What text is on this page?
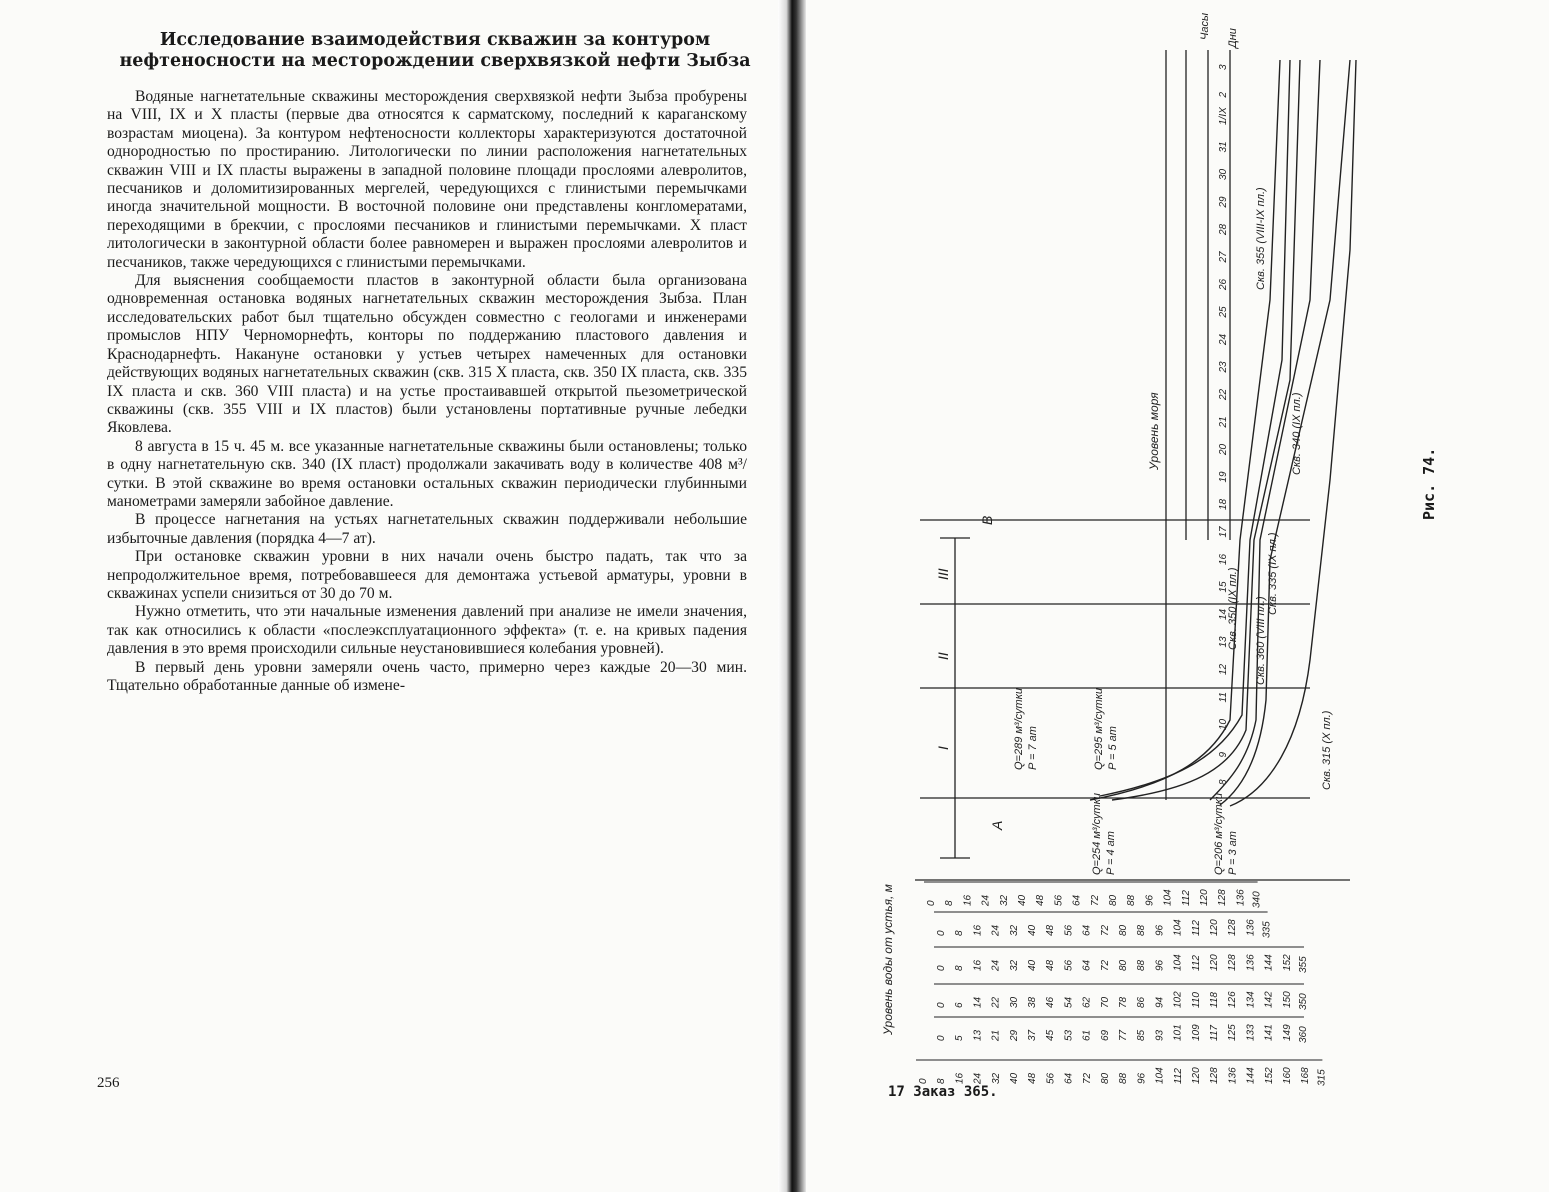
Исследование взаимодействия скважин за контуром
нефтеносности на месторождении сверхвязкой нефти Зыбза

Водяные нагнетательные скважины месторождения сверхвязкой нефти Зыбза пробурены на VIII, IX и X пласты (первые два относятся к сарматскому, последний к караганскому возрастам миоцена). За контуром нефтеносности коллекторы характеризуются достаточной однородностью по простиранию. Литологически по линии расположения нагнетательных скважин VIII и IX пласты выражены в западной половине площади прослоями алевролитов, песчаников и доломитизированных мергелей, чередующихся с глинистыми перемычками иногда значительной мощности. В восточной половине они представлены конгломератами, переходящими в брекчии, с прослоями песчаников и глинистыми перемычками. X пласт литологически в законтурной области более равномерен и выражен прослоями алевролитов и песчаников, также чередующихся с глинистыми перемычками.

Для выяснения сообщаемости пластов в законтурной области была организована одновременная остановка водяных нагнетательных скважин месторождения Зыбза. План исследовательских работ был тщательно обсужден совместно с геологами и инженерами промыслов НПУ Черноморнефть, конторы по поддержанию пластового давления и Краснодарнефть. Накануне остановки у устьев четырех намеченных для остановки действующих водяных нагнетательных скважин (скв. 315 X пласта, скв. 350 IX пласта, скв. 335 IX пласта и скв. 360 VIII пласта) и на устье простаивавшей открытой пьезометрической скважины (скв. 355 VIII и IX пластов) были установлены портативные ручные лебедки Яковлева.

8 августа в 15 ч. 45 м. все указанные нагнетательные скважины были остановлены; только в одну нагнетательную скв. 340 (IX пласт) продолжали закачивать воду в количестве 408 м³/сутки. В этой скважине во время остановки остальных скважин периодически глубинными манометрами замеряли забойное давление.

В процессе нагнетания на устьях нагнетательных скважин поддерживали небольшие избыточные давления (порядка 4—7 ат).

При остановке скважин уровни в них начали очень быстро падать, так что за непродолжительное время, потребовавшееся для демонтажа устьевой арматуры, уровни в скважинах успели снизиться от 30 до 70 м.

Нужно отметить, что эти начальные изменения давлений при анализе не имели значения, так как относились к области «послеэксплуатационного эффекта» (т. е. на кривых падения давления в это время происходили сильные неустановившиеся колебания уровней).

В первый день уровни замеряли очень часто, примерно через каждые 20—30 мин. Тщательно обработанные данные об измене-

256
0 8 16 24 32 40 48 56 64 72 80 88 96 104 112 120 128 136 340
0 8 16 24 32 40 48 56 64 72 80 88 96 104 112 120 128 136 335
0 8 16 24 32 40 48 56 64 72 80 88 96 104 112 120 128 136 144 152 355
0 6 14 22 30 38 46 54 62 70 78 86 94 102 110 118 126 134 142 150 350
0 5 13 21 29 37 45 53 61 69 77 85 93 101 109 117 125 133 141 149 360
0 8 16 24 32 40 48 56 64 72 80 88 96 104 112 120 128 136 144 152 160 168 315
Уровень воды от устья, м
8
9
10
11
12
13
14
15
16
17
18
19
20
21
22
23
24
25
26
27
28
29
30
31
1/IX
2
3
Дни
Часы
Уровень моря
А
I
II
III
В
Q=289 м³/сутки P = 7 ат	Q=295 м³/сутки P = 5 ат
Q=254 м³/сутки P = 4 ат	Q=206 м³/сутки P = 3 ат
Скв. 355 (VIII-IX пл.)
Скв. 340 (IX пл.)
Скв. 335 (IX пл.)
Скв. 360 (VIII пл.)
Скв. 350 (IX пл.)
Скв. 315 (X пл.)
Рис. 74.
17 Заказ 365.
